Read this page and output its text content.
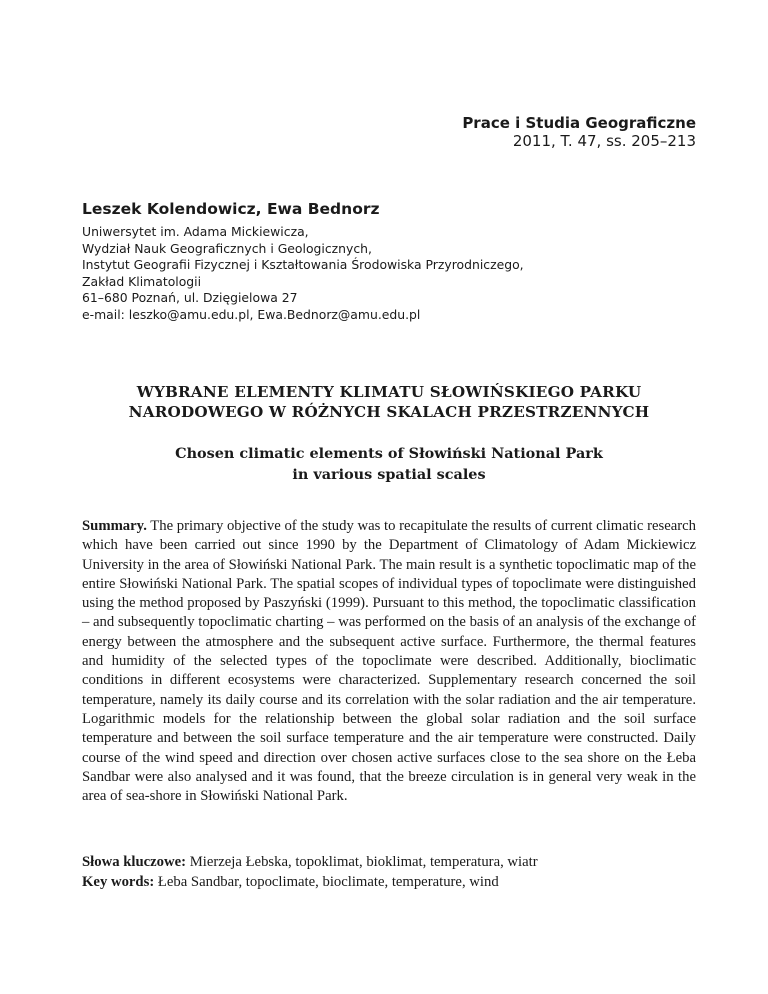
Prace i Studia Geograficzne
2011, T. 47, ss. 205–213
Leszek Kolendowicz, Ewa Bednorz
Uniwersytet im. Adama Mickiewicza,
Wydział Nauk Geograficznych i Geologicznych,
Instytut Geografii Fizycznej i Kształtowania Środowiska Przyrodniczego,
Zakład Klimatologii
61–680 Poznań, ul. Dzięgielowa 27
e-mail: leszko@amu.edu.pl, Ewa.Bednorz@amu.edu.pl
WYBRANE ELEMENTY KLIMATU SŁOWIŃSKIEGO PARKU
NARODOWEGO W RÓŻNYCH SKALACH PRZESTRZENNYCH
Chosen climatic elements of Słowiński National Park
in various spatial scales
Summary. The primary objective of the study was to recapitulate the results of current climatic research which have been carried out since 1990 by the Department of Climatology of Adam Mickiewicz University in the area of Słowiński National Park. The main result is a synthetic topoclimatic map of the entire Słowiński National Park. The spatial scopes of individual types of topoclimate were distinguished using the method proposed by Paszyński (1999). Pursuant to this method, the topoclimatic classification – and subsequently topoclimatic charting – was performed on the basis of an analysis of the exchange of energy between the atmosphere and the subsequent active surface. Furthermore, the thermal features and humidity of the selected types of the topoclimate were described. Additionally, bioclimatic conditions in different ecosystems were characterized. Supplementary research concerned the soil temperature, namely its daily course and its correlation with the solar radiation and the air temperature. Logarithmic models for the relationship between the global solar radiation and the soil surface temperature and between the soil surface temperature and the air temperature were constructed. Daily course of the wind speed and direction over chosen active surfaces close to the sea shore on the Łeba Sandbar were also analysed and it was found, that the breeze circulation is in general very weak in the area of sea-shore in Słowiński National Park.
Słowa kluczowe: Mierzeja Łebska, topoklimat, bioklimat, temperatura, wiatr
Key words: Łeba Sandbar, topoclimate, bioclimate, temperature, wind
